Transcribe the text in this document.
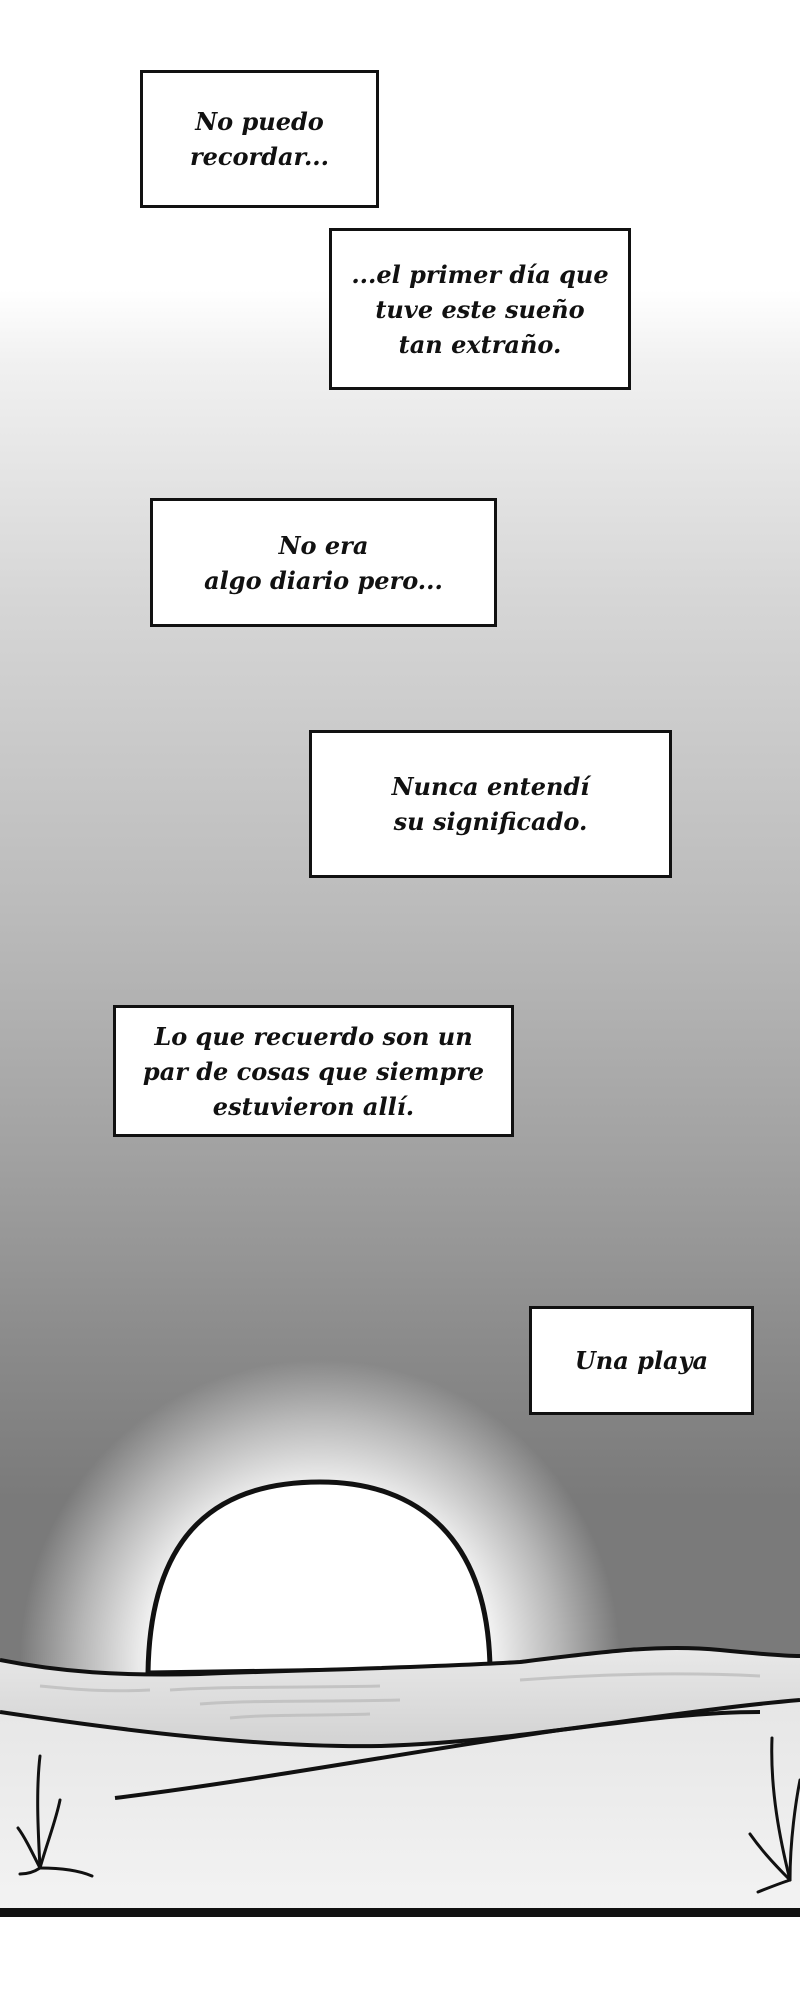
No puedo
recordar...
...el primer día que
tuve este sueño
tan extraño.
No era
algo diario pero...
Nunca entendí
su significado.
Lo que recuerdo son un
par de cosas que siempre
estuvieron allí.
Una playa
